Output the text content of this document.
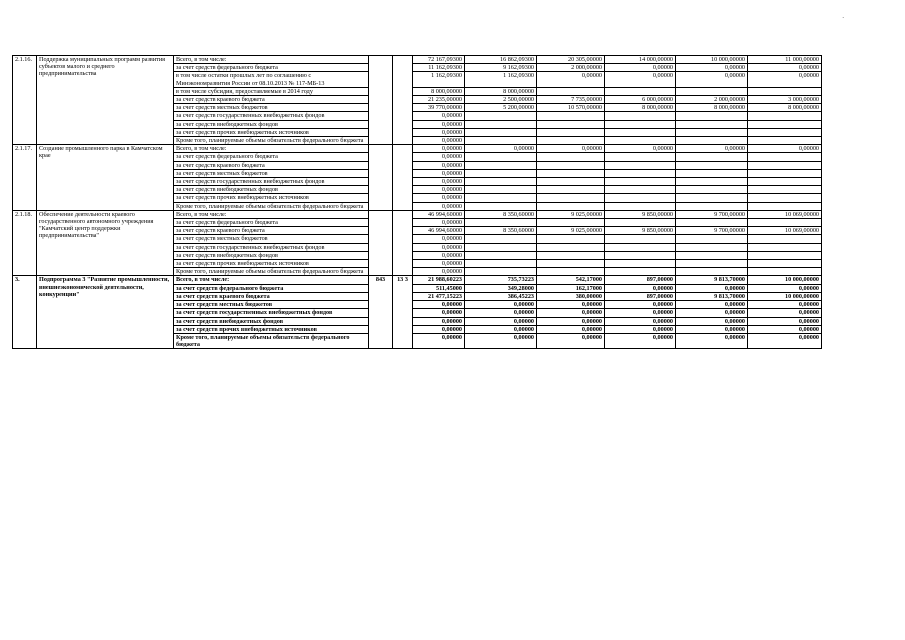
·
2.1.16.	Поддержка муниципальных программ развития субъектов малого и среднего предпринимательства	Всего, в том числе:			72 167,09300	16 862,09300	20 305,00000	14 000,00000	10 000,00000	11 000,00000
		за счет средств федерального бюджета			11 162,09300	9 162,09300	2 000,00000	0,00000	0,00000	0,00000
		в том числе остатки прошлых лет по соглашению с Минэкономразвития России от 08.10.2013 № 117-МБ-13			1 162,09300	1 162,09300	0,00000	0,00000	0,00000	0,00000
		в том числе субсидия, предоставляемые в 2014 году			8 000,00000	8 000,00000				
		за счет средств краевого бюджета			21 235,00000	2 500,00000	7 735,00000	6 000,00000	2 000,00000	3 000,00000
		за счет средств местных бюджетов			39 770,00000	5 200,00000	10 570,00000	8 000,00000	8 000,00000	8 000,00000
		за счет средств государственных внебюджетных фондов			0,00000					
		за счет средств внебюджетных фондов			0,00000					
		за счет средств прочих внебюджетных источников			0,00000					
		Кроме того, планируемые объемы обязательств федерального бюджета			0,00000					
2.1.17.	Создание промышленного парка в Камчатском крае	Всего, в том числе:			0,00000	0,00000	0,00000	0,00000	0,00000	0,00000
		за счет средств федерального бюджета			0,00000					
		за счет средств краевого бюджета			0,00000					
		за счет средств местных бюджетов			0,00000					
		за счет средств государственных внебюджетных фондов			0,00000					
		за счет средств внебюджетных фондов			0,00000					
		за счет средств прочих внебюджетных источников			0,00000					
		Кроме того, планируемые объемы обязательств федерального бюджета			0,00000					
2.1.18.	Обеспечение деятельности краевого государственного автономного учреждения "Камчатский центр поддержки предпринимательства"	Всего, в том числе:			46 994,60000	8 350,60000	9 025,00000	9 850,00000	9 700,00000	10 069,00000
		за счет средств федерального бюджета			0,00000					
		за счет средств краевого бюджета			46 994,60000	8 350,60000	9 025,00000	9 850,00000	9 700,00000	10 069,00000
		за счет средств местных бюджетов			0,00000					
		за счет средств государственных внебюджетных фондов			0,00000					
		за счет средств внебюджетных фондов			0,00000					
		за счет средств прочих внебюджетных источников			0,00000					
		Кроме того, планируемые объемы обязательств федерального бюджета			0,00000					
3.	Подпрограмма 3 "Развитие промышленности, внешнеэкономической деятельности, конкуренции"	Всего, в том числе:	843	13 3	21 988,60223	735,73223	542,17000	897,00000	9 813,70000	10 000,00000
		за счет средств федерального бюджета			511,45000	349,28000	162,17000	0,00000	0,00000	0,00000
		за счет средств краевого бюджета			21 477,15223	386,45223	380,00000	897,00000	9 813,70000	10 000,00000
		за счет средств местных бюджетов			0,00000	0,00000	0,00000	0,00000	0,00000	0,00000
		за счет средств государственных внебюджетных фондов			0,00000	0,00000	0,00000	0,00000	0,00000	0,00000
		за счет средств внебюджетных фондов			0,00000	0,00000	0,00000	0,00000	0,00000	0,00000
		за счет средств прочих внебюджетных источников			0,00000	0,00000	0,00000	0,00000	0,00000	0,00000
		Кроме того, планируемые объемы обязательств федерального бюджета			0,00000	0,00000	0,00000	0,00000	0,00000	0,00000
